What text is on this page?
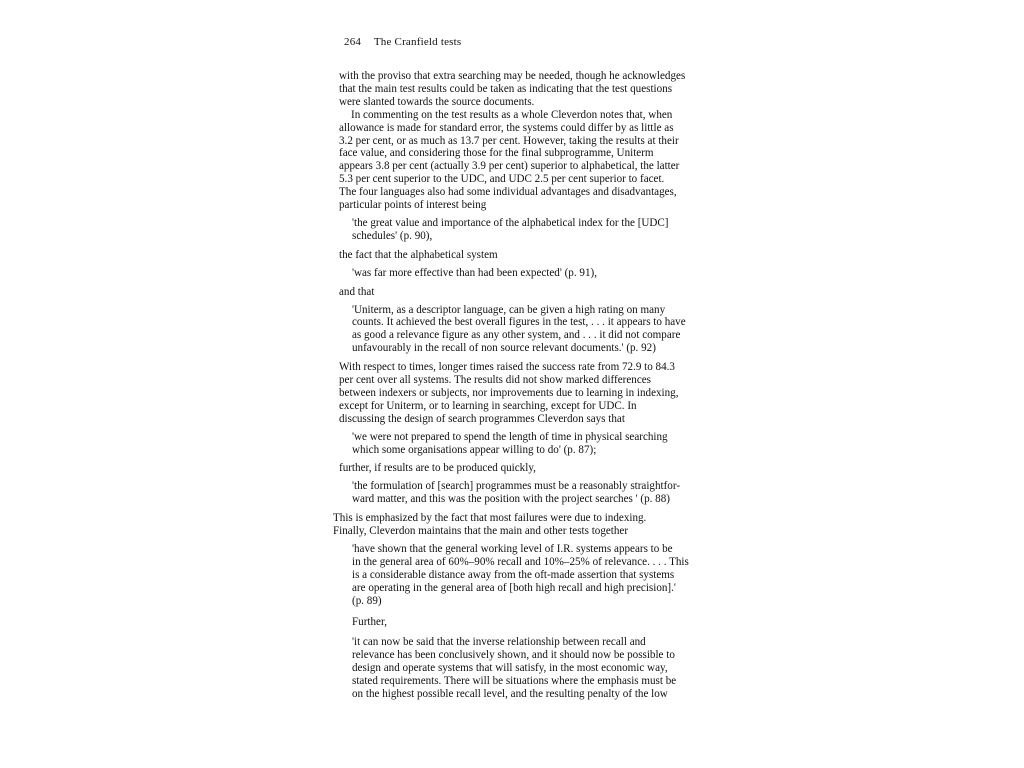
264 The Cranfield tests
with the proviso that extra searching may be needed, though he acknowledges
that the main test results could be taken as indicating that the test questions
were slanted towards the source documents.
In commenting on the test results as a whole Cleverdon notes that, when
allowance is made for standard error, the systems could differ by as little as
3.2 per cent, or as much as 13.7 per cent. However, taking the results at their
face value, and considering those for the final subprogramme, Uniterm
appears 3.8 per cent (actually 3.9 per cent) superior to alphabetical, the latter
5.3 per cent superior to the UDC, and UDC 2.5 per cent superior to facet.
The four languages also had some individual advantages and disadvantages,
particular points of interest being
'the great value and importance of the alphabetical index for the [UDC]
schedules' (p. 90),
the fact that the alphabetical system
'was far more effective than had been expected' (p. 91),
and that
'Uniterm, as a descriptor language, can be given a high rating on many
counts. It achieved the best overall figures in the test, . . . it appears to have
as good a relevance figure as any other system, and . . . it did not compare
unfavourably in the recall of non source relevant documents.' (p. 92)
With respect to times, longer times raised the success rate from 72.9 to 84.3
per cent over all systems. The results did not show marked differences
between indexers or subjects, nor improvements due to learning in indexing,
except for Uniterm, or to learning in searching, except for UDC. In
discussing the design of search programmes Cleverdon says that
'we were not prepared to spend the length of time in physical searching
which some organisations appear willing to do' (p. 87);
further, if results are to be produced quickly,
'the formulation of [search] programmes must be a reasonably straightfor-
ward matter, and this was the position with the project searches ' (p. 88)
This is emphasized by the fact that most failures were due to indexing.
Finally, Cleverdon maintains that the main and other tests together
'have shown that the general working level of I.R. systems appears to be
in the general area of 60%–90% recall and 10%–25% of relevance. . . . This
is a considerable distance away from the oft-made assertion that systems
are operating in the general area of [both high recall and high precision].'
(p. 89)
Further,
'it can now be said that the inverse relationship between recall and
relevance has been conclusively shown, and it should now be possible to
design and operate systems that will satisfy, in the most economic way,
stated requirements. There will be situations where the emphasis must be
on the highest possible recall level, and the resulting penalty of the low
